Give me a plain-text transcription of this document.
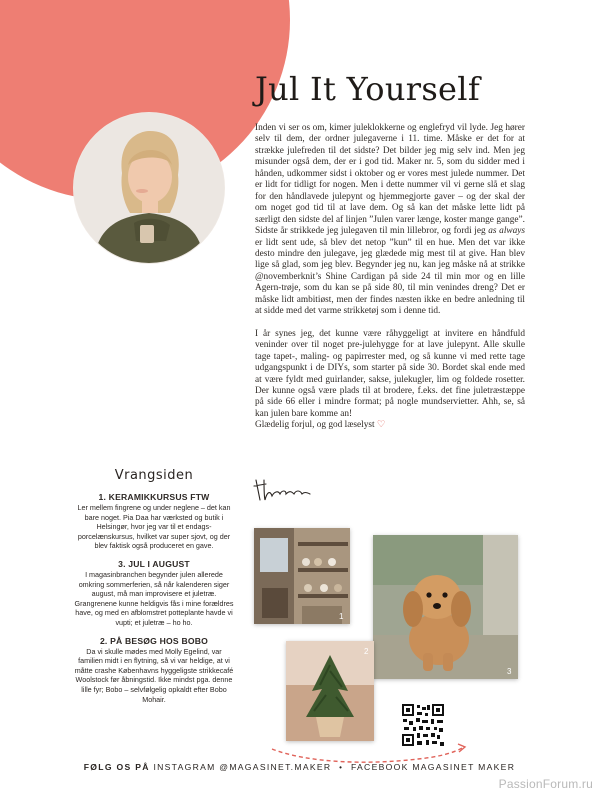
Jul It Yourself

Inden vi ser os om, kimer juleklokkerne og englefryd vil lyde. Jeg hører selv til dem, der ordner julegaverne i 11. time. Måske er det for at strække julefreden til det sidste? Det bilder jeg mig selv ind. Men jeg misunder også dem, der er i god tid. Maker nr. 5, som du sidder med i hånden, udkommer sidst i oktober og er vores mest julede nummer. Det er lidt for tidligt for nogen. Men i dette nummer vil vi gerne slå et slag for den håndlavede julepynt og hjemmegjorte gaver – og der skal der om noget god tid til at lave dem. Og så kan det måske lette lidt på særligt den sidste del af linjen ”Julen varer længe, koster mange gange”. Sidste år strikkede jeg julegaven til min lillebror, og fordi jeg as always er lidt sent ude, så blev det netop ”kun” til en hue. Men det var ikke desto mindre den julegave, jeg glædede mig mest til at give. Han blev lige så glad, som jeg blev. Begynder jeg nu, kan jeg måske nå at strikke @novemberknit’s Shine Cardigan på side 24 til min mor og en lille Agern-trøje, som du kan se på side 80, til min venindes dreng? Det er måske lidt ambitiøst, men der findes næsten ikke en bedre anledning til at sidde med det varme strikketøj som i denne tid.

I år synes jeg, det kunne være råhyggeligt at invitere en håndfuld veninder over til noget pre-julehygge for at lave julepynt. Alle skulle tage tapet-, maling- og papirrester med, og så kunne vi med rette tage udgangspunkt i de DIYs, som starter på side 30. Bordet skal ende med at være fyldt med guirlander, sakse, julekugler, lim og foldede rosetter. Der kunne også være plads til at brodere, f.eks. det fine juletræstæppe på side 66 eller i mindre format; på nogle mundservietter. Ahh, se, så kan julen bare komme an!

Glædelig forjul, og god læselyst ♡

Vrangsiden
1. KERAMIKKURSUS FTW
Ler mellem fingrene og under neglene – det kan bare noget. Pia Daa har værksted og butik i Helsingør, hvor jeg var til et endags-porcelænskursus, hvilket var super sjovt, og der blev faktisk også produceret en gave.
3. JUL I AUGUST
I magasinbranchen begynder julen allerede omkring sommerferien, så når kalenderen siger august, må man improvisere et juletræ. Grangrenene kunne heldigvis fås i mine forældres have, og med en afblomstret potteplante havde vi vupti; et juletræ – ho ho.
2. PÅ BESØG HOS BOBO
Da vi skulle mødes med Molly Egelind, var familien midt i en flytning, så vi var heldige, at vi måtte crashe Københavns hyggeligste strikkecafé Woolstock før åbningstid. Ikke mindst pga. denne lille fyr; Bobo – selvfølgelig opkaldt efter Bobo Mohair.
1
3
2
FØLG OS PÅ INSTAGRAM @MAGASINET.MAKER • FACEBOOK MAGASINET MAKER
PassionForum.ru
